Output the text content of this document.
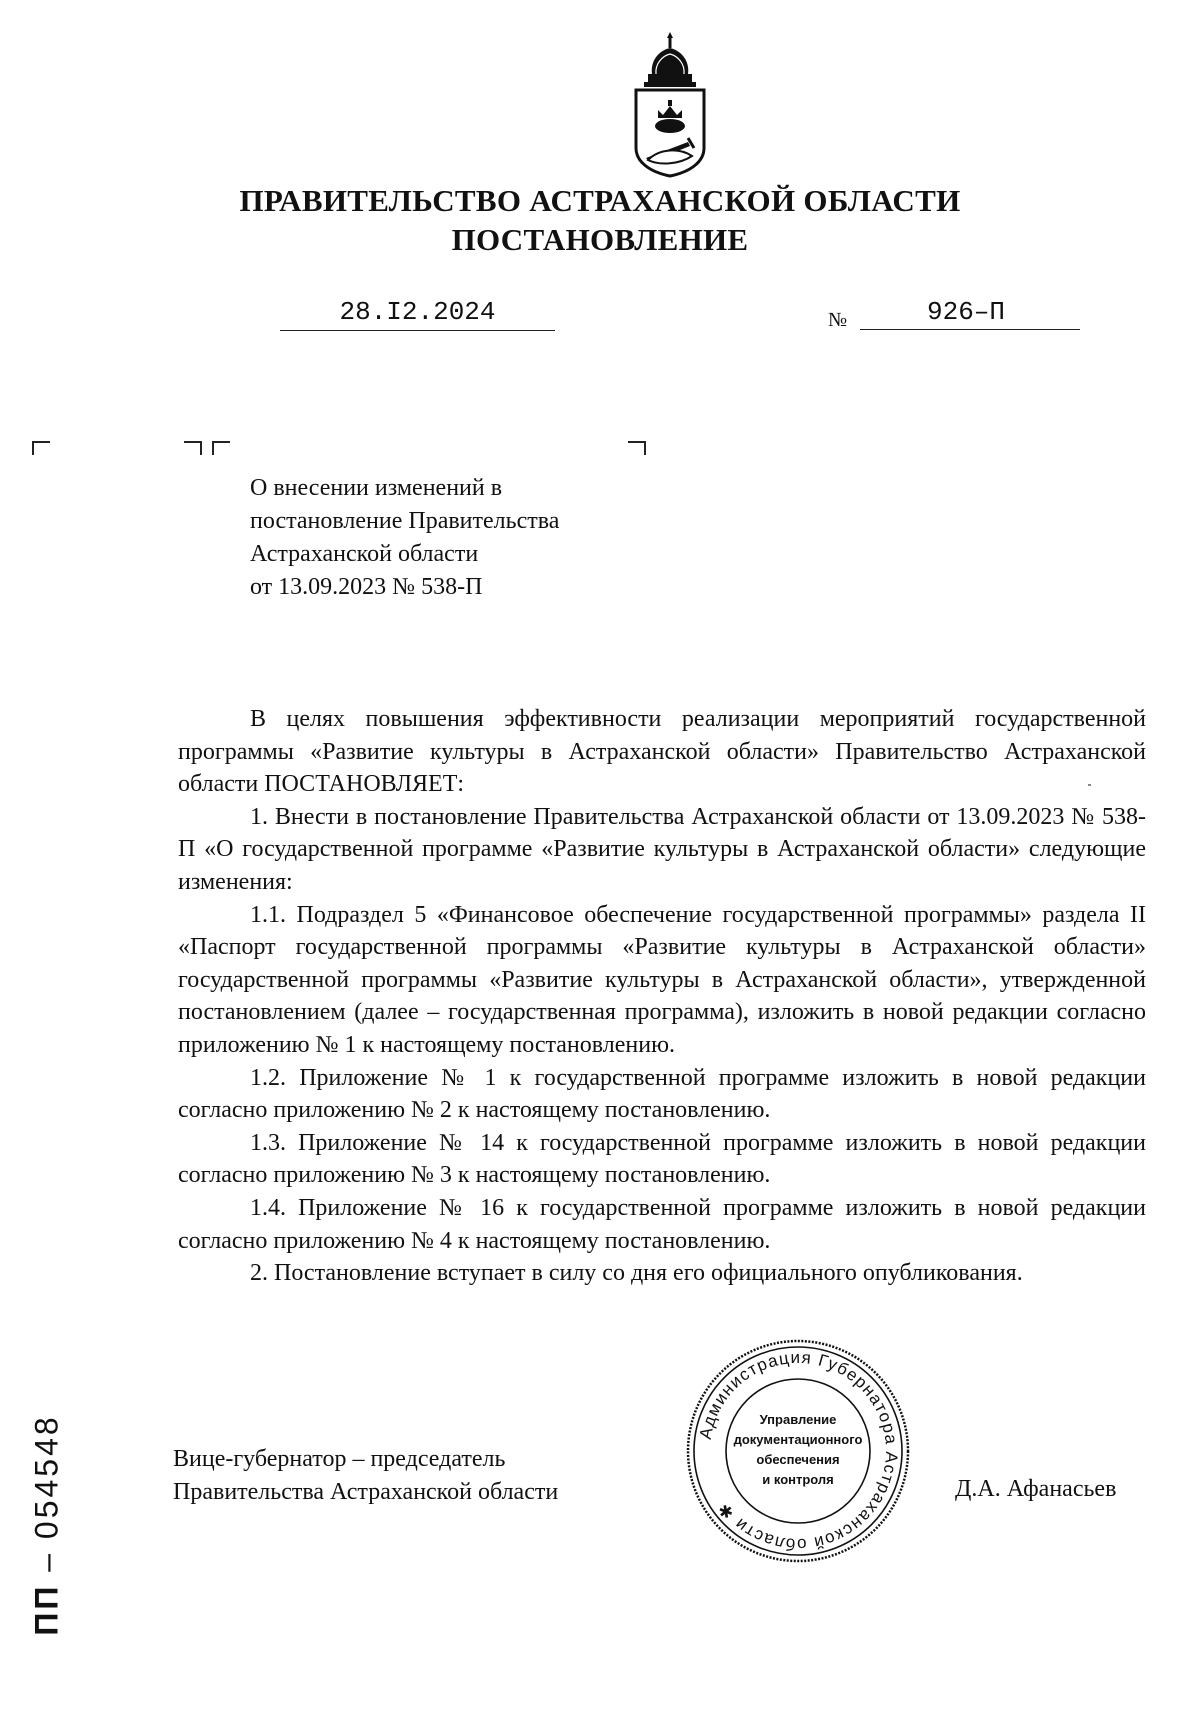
ПРАВИТЕЛЬСТВО АСТРАХАНСКОЙ ОБЛАСТИ
ПОСТАНОВЛЕНИЕ
28.I2.2024	№	926–П
О внесении изменений в
постановление Правительства
Астраханской области
от 13.09.2023 № 538-П

В целях повышения эффективности реализации мероприятий государственной программы «Развитие культуры в Астраханской области» Правительство Астраханской области ПОСТАНОВЛЯЕТ:

1. Внести в постановление Правительства Астраханской области от 13.09.2023 № 538-П «О государственной программе «Развитие культуры в Астраханской области» следующие изменения:

1.1. Подраздел 5 «Финансовое обеспечение государственной программы» раздела II «Паспорт государственной программы «Развитие культуры в Астраханской области» государственной программы «Развитие культуры в Астраханской области», утвержденной постановлением (далее – государственная программа), изложить в новой редакции согласно приложению № 1 к настоящему постановлению.

1.2. Приложение № 1 к государственной программе изложить в новой редакции согласно приложению № 2 к настоящему постановлению.

1.3. Приложение № 14 к государственной программе изложить в новой редакции согласно приложению № 3 к настоящему постановлению.

1.4. Приложение № 16 к государственной программе изложить в новой редакции согласно приложению № 4 к настоящему постановлению.

2. Постановление вступает в силу со дня его официального опубликования.

Вице-губернатор – председатель
Правительства Астраханской области	Д.А. Афанасьев
Администрация Губернатора Астраханской области ✱
Управление
документационного
обеспечения
и контроля
ПП – 054548
